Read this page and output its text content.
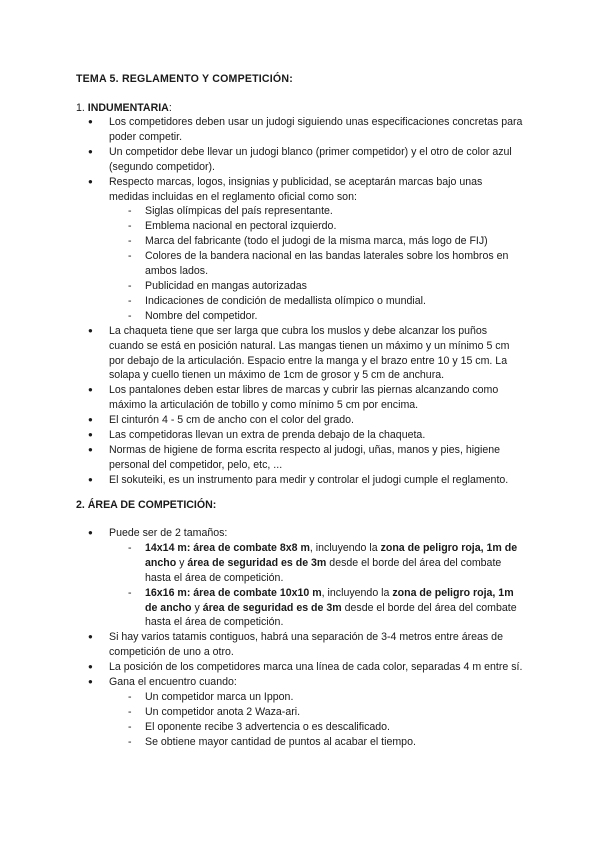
TEMA 5. REGLAMENTO Y COMPETICIÓN:

1. INDUMENTARIA:

● Los competidores deben usar un judogi siguiendo unas especificaciones concretas para poder competir.
● Un competidor debe llevar un judogi blanco (primer competidor) y el otro de color azul (segundo competidor).
● Respecto marcas, logos, insignias y publicidad, se aceptarán marcas bajo unas medidas incluidas en el reglamento oficial como son:
- Siglas olímpicas del país representante.
- Emblema nacional en pectoral izquierdo.
- Marca del fabricante (todo el judogi de la misma marca, más logo de FIJ)
- Colores de la bandera nacional en las bandas laterales sobre los hombros en ambos lados.
- Publicidad en mangas autorizadas
- Indicaciones de condición de medallista olímpico o mundial.
- Nombre del competidor.
● La chaqueta tiene que ser larga que cubra los muslos y debe alcanzar los puños cuando se está en posición natural. Las mangas tienen un máximo y un mínimo 5 cm por debajo de la articulación. Espacio entre la manga y el brazo entre 10 y 15 cm. La solapa y cuello tienen un máximo de 1cm de grosor y 5 cm de anchura.
● Los pantalones deben estar libres de marcas y cubrir las piernas alcanzando como máximo la articulación de tobillo y como mínimo 5 cm por encima.
● El cinturón 4 - 5 cm de ancho con el color del grado.
● Las competidoras llevan un extra de prenda debajo de la chaqueta.
● Normas de higiene de forma escrita respecto al judogi, uñas, manos y pies, higiene personal del competidor, pelo, etc, ...
● El sokuteiki, es un instrumento para medir y controlar el judogi cumple el reglamento.

2. ÁREA DE COMPETICIÓN:

● Puede ser de 2 tamaños:
- 14x14 m: área de combate 8x8 m, incluyendo la zona de peligro roja, 1m de ancho y área de seguridad es de 3m desde el borde del área del combate hasta el área de competición.
- 16x16 m: área de combate 10x10 m, incluyendo la zona de peligro roja, 1m de ancho y área de seguridad es de 3m desde el borde del área del combate hasta el área de competición.
● Si hay varios tatamis contiguos, habrá una separación de 3-4 metros entre áreas de competición de uno a otro.
● La posición de los competidores marca una línea de cada color, separadas 4 m entre sí.
● Gana el encuentro cuando:
- Un competidor marca un Ippon.
- Un competidor anota 2 Waza-ari.
- El oponente recibe 3 advertencia o es descalificado.
- Se obtiene mayor cantidad de puntos al acabar el tiempo.
